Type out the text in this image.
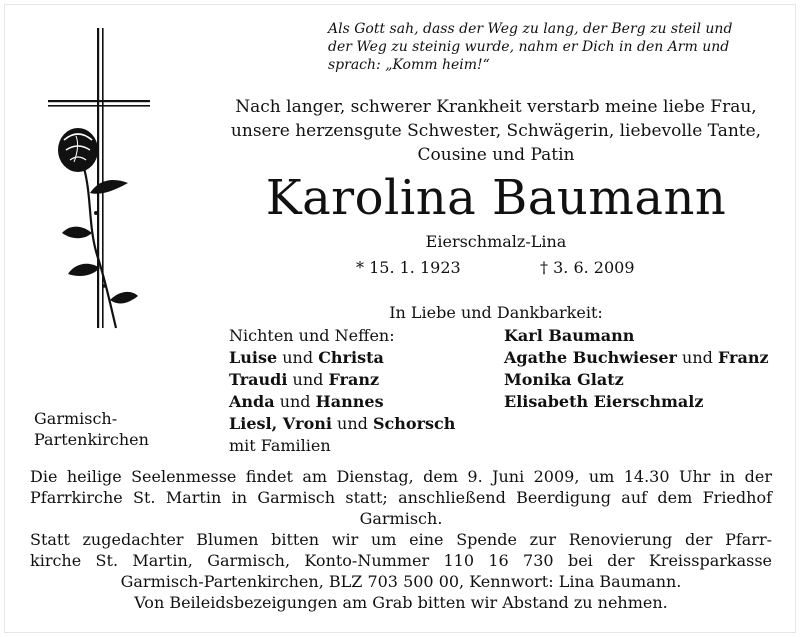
Als Gott sah, dass der Weg zu lang, der Berg zu steil und
der Weg zu steinig wurde, nahm er Dich in den Arm und
sprach: „Komm heim!“
Nach langer, schwerer Krankheit verstarb meine liebe Frau,
unsere herzensgute Schwester, Schwägerin, liebevolle Tante,
Cousine und Patin
Karolina Baumann
Eierschmalz-Lina
* 15. 1. 1923	† 3. 6. 2009
In Liebe und Dankbarkeit:
Nichten und Neffen:
Luise und Christa
Traudi und Franz
Anda und Hannes
Liesl, Vroni und Schorsch
mit Familien
Karl Baumann
Agathe Buchwieser und Franz
Monika Glatz
Elisabeth Eierschmalz
Garmisch-
Partenkirchen
Die heilige Seelenmesse findet am Dienstag, dem 9. Juni 2009, um 14.30 Uhr in der
Pfarrkirche St. Martin in Garmisch statt; anschließend Beerdigung auf dem Friedhof
Garmisch.
Statt zugedachter Blumen bitten wir um eine Spende zur Renovierung der Pfarr-
kirche St. Martin, Garmisch, Konto-Nummer 110 16 730 bei der Kreissparkasse
Garmisch-Partenkirchen, BLZ 703 500 00, Kennwort: Lina Baumann.
Von Beileidsbezeigungen am Grab bitten wir Abstand zu nehmen.
